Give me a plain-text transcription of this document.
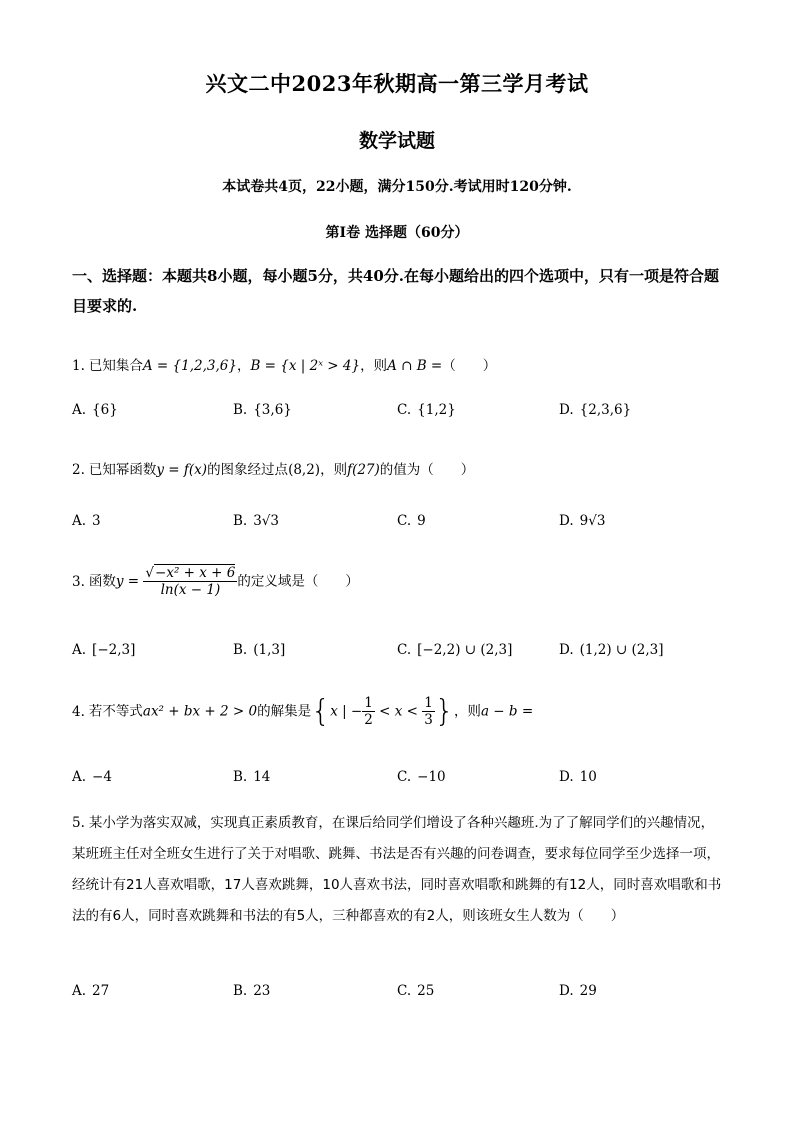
兴文二中2023年秋期高一第三学月考试
数学试题
本试卷共4页，22小题，满分150分.考试用时120分钟.
第I卷 选择题（60分）
一、选择题：本题共8小题，每小题5分，共40分.在每小题给出的四个选项中，只有一项是符合题目要求的.
1. 已知集合A = {1,2,3,6}，B = {x | 2ˣ > 4}，则A ∩ B =（　　）
A. {6}	B. {3,6}	C. {1,2}	D. {2,3,6}
2. 已知幂函数y = f(x)的图象经过点(8,2)，则f(27)的值为（　　）
A. 3	B. 3√3	C. 9	D. 9√3
3. 函数$y = \frac{\text{√−x² + x + 6}}{\ln(x - 1)}$ 的定义域是（　　）
A. [−2,3]	B. (1,3]	C. [−2,2) ∪ (2,3]	D. (1,2) ∪ (2,3]
4. 若不等式ax² + bx + 2 > 0的解集是{x | − $\frac{1}{2} < x < \frac{1}{3}$ }，则a − b =
A. −4	B. 14	C. −10	D. 10
5. 某小学为落实双减，实现真正素质教育，在课后给同学们增设了各种兴趣班.为了了解同学们的兴趣情况，某班班主任对全班女生进行了关于对唱歌、跳舞、书法是否有兴趣的问卷调查，要求每位同学至少选择一项，经统计有21人喜欢唱歌，17人喜欢跳舞，10人喜欢书法，同时喜欢唱歌和跳舞的有12人，同时喜欢唱歌和书法的有6人，同时喜欢跳舞和书法的有5人，三种都喜欢的有2人，则该班女生人数为（　　）
A. 27	B. 23	C. 25	D. 29
